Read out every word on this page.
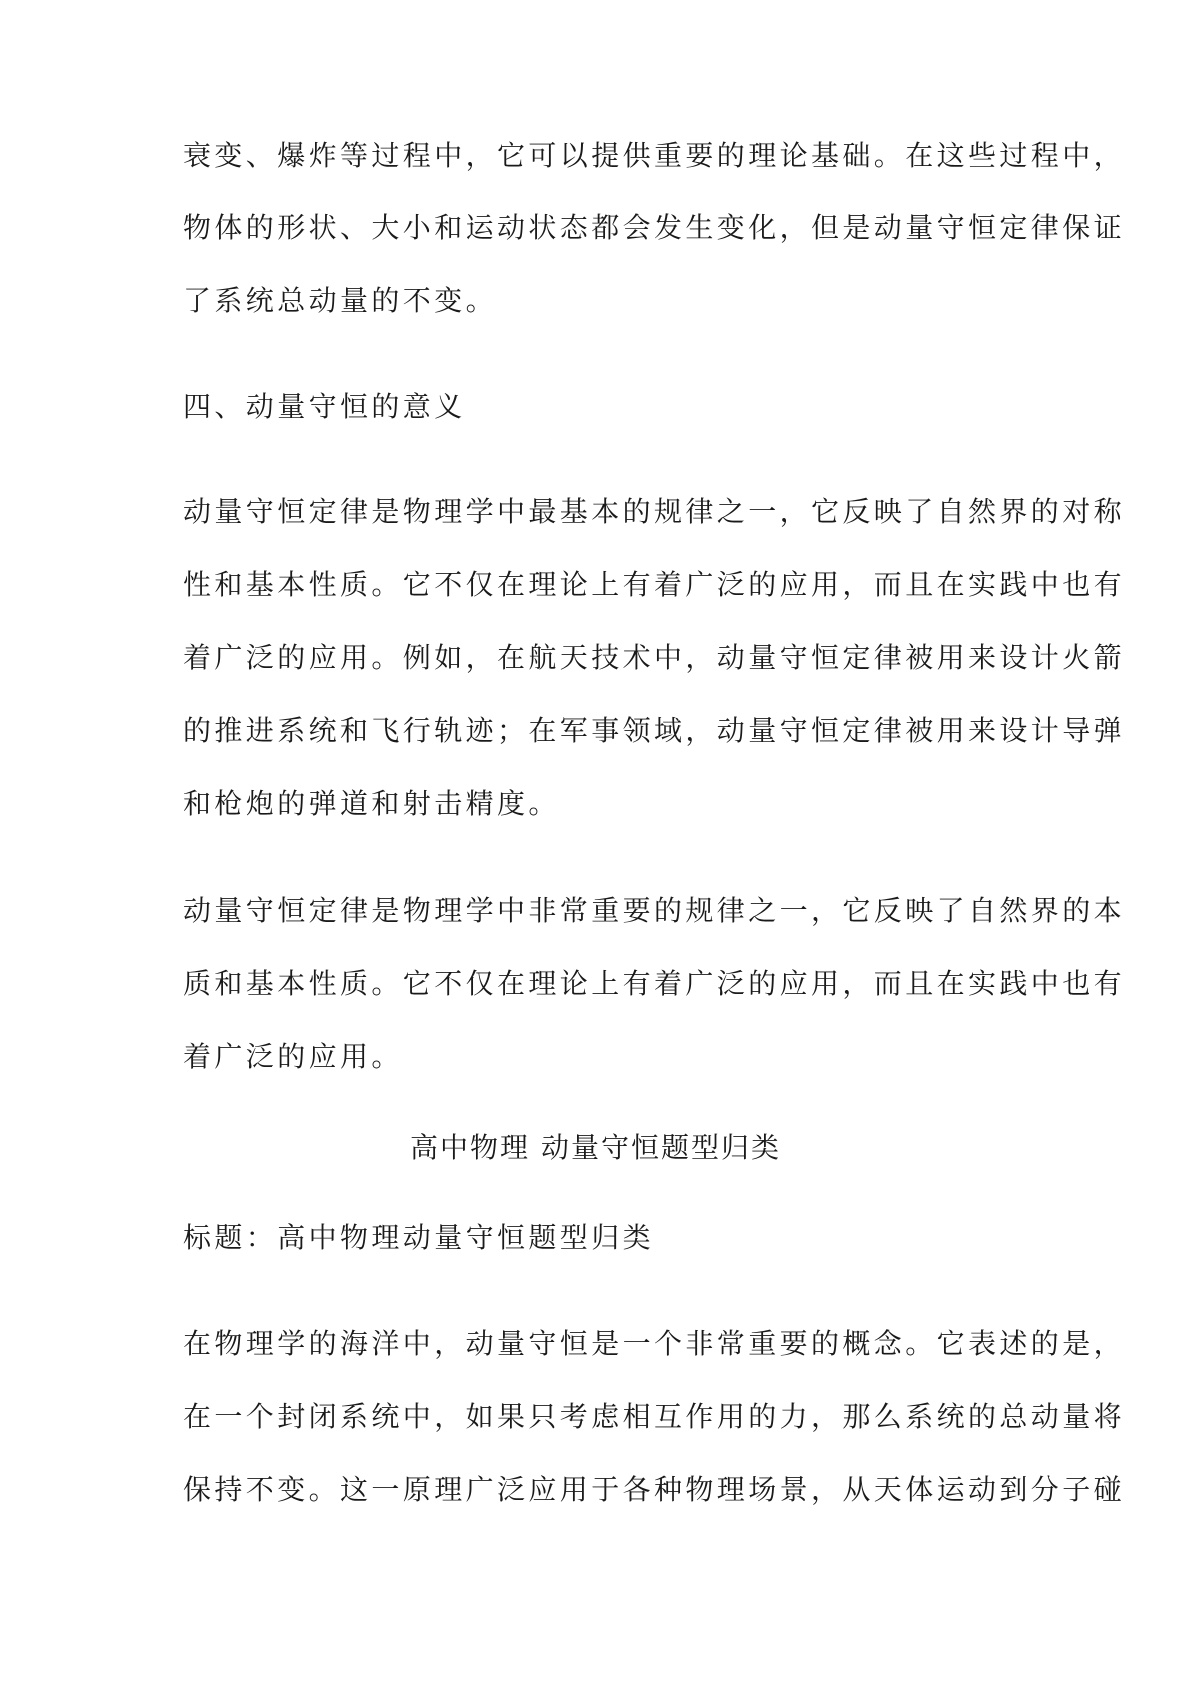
衰变、爆炸等过程中，它可以提供重要的理论基础。在这些过程中，
物体的形状、大小和运动状态都会发生变化，但是动量守恒定律保证
了系统总动量的不变。
四、动量守恒的意义
动量守恒定律是物理学中最基本的规律之一，它反映了自然界的对称
性和基本性质。它不仅在理论上有着广泛的应用，而且在实践中也有
着广泛的应用。例如，在航天技术中，动量守恒定律被用来设计火箭
的推进系统和飞行轨迹；在军事领域，动量守恒定律被用来设计导弹
和枪炮的弹道和射击精度。
动量守恒定律是物理学中非常重要的规律之一，它反映了自然界的本
质和基本性质。它不仅在理论上有着广泛的应用，而且在实践中也有
着广泛的应用。
高中物理 动量守恒题型归类
标题：高中物理动量守恒题型归类
在物理学的海洋中，动量守恒是一个非常重要的概念。它表述的是，
在一个封闭系统中，如果只考虑相互作用的力，那么系统的总动量将
保持不变。这一原理广泛应用于各种物理场景，从天体运动到分子碰
